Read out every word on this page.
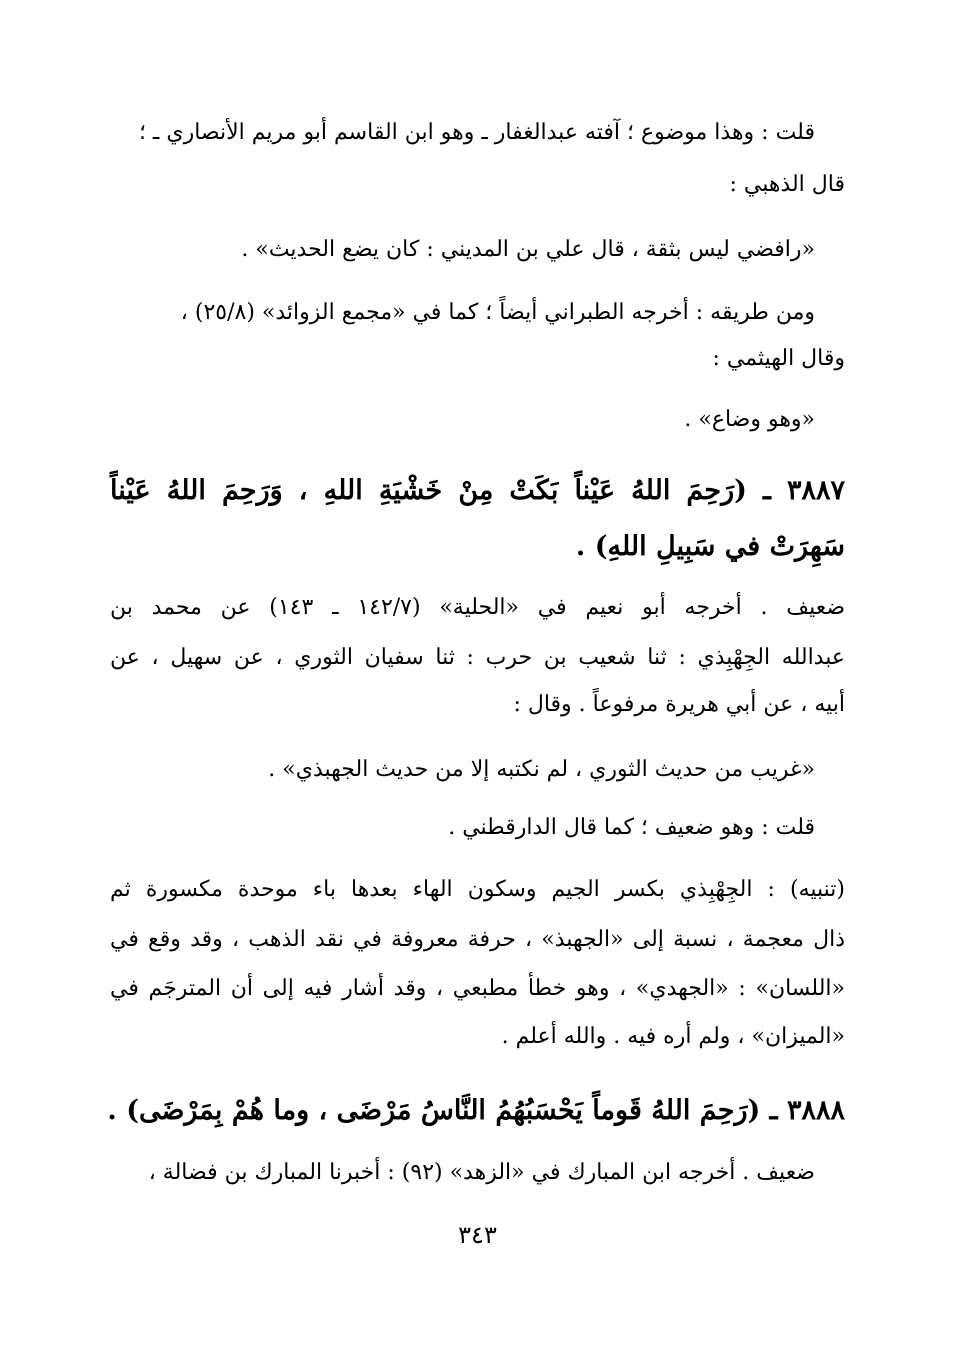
قلت : وهذا موضوع ؛ آفته عبدالغفار ـ وهو ابن القاسم أبو مريم الأنصاري ـ ؛
قال الذهبي :
«رافضي ليس بثقة ، قال علي بن المديني : كان يضع الحديث» .
ومن طريقه : أخرجه الطبراني أيضاً ؛ كما في «مجمع الزوائد» (٢٥/٨) ،
وقال الهيثمي :
«وهو وضاع» .
٣٨٨٧ ـ (رَحِمَ اللهُ عَيْناً بَكَتْ مِنْ خَشْيَةِ اللهِ ، وَرَحِمَ اللهُ عَيْناً
سَهِرَتْ في سَبِيلِ اللهِ) .
ضعيف . أخرجه أبو نعيم في «الحلية» (١٤٢/٧ ـ ١٤٣) عن محمد بن
عبدالله الجِهْبِذي : ثنا شعيب بن حرب : ثنا سفيان الثوري ، عن سهيل ، عن
أبيه ، عن أبي هريرة مرفوعاً . وقال :
«غريب من حديث الثوري ، لم نكتبه إلا من حديث الجهبذي» .
قلت : وهو ضعيف ؛ كما قال الدارقطني .
(تنبيه) : الجِهْبِذي بكسر الجيم وسكون الهاء بعدها باء موحدة مكسورة ثم
ذال معجمة ، نسبة إلى «الجهبذ» ، حرفة معروفة في نقد الذهب ، وقد وقع في
«اللسان» : «الجهدي» ، وهو خطأ مطبعي ، وقد أشار فيه إلى أن المترجَم في
«الميزان» ، ولم أره فيه . والله أعلم .
٣٨٨٨ ـ (رَحِمَ اللهُ قَوماً يَحْسَبُهُمُ النَّاسُ مَرْضَى ، وما هُمْ بِمَرْضَى) .
ضعيف . أخرجه ابن المبارك في «الزهد» (٩٢) : أخبرنا المبارك بن فضالة ،
٣٤٣
